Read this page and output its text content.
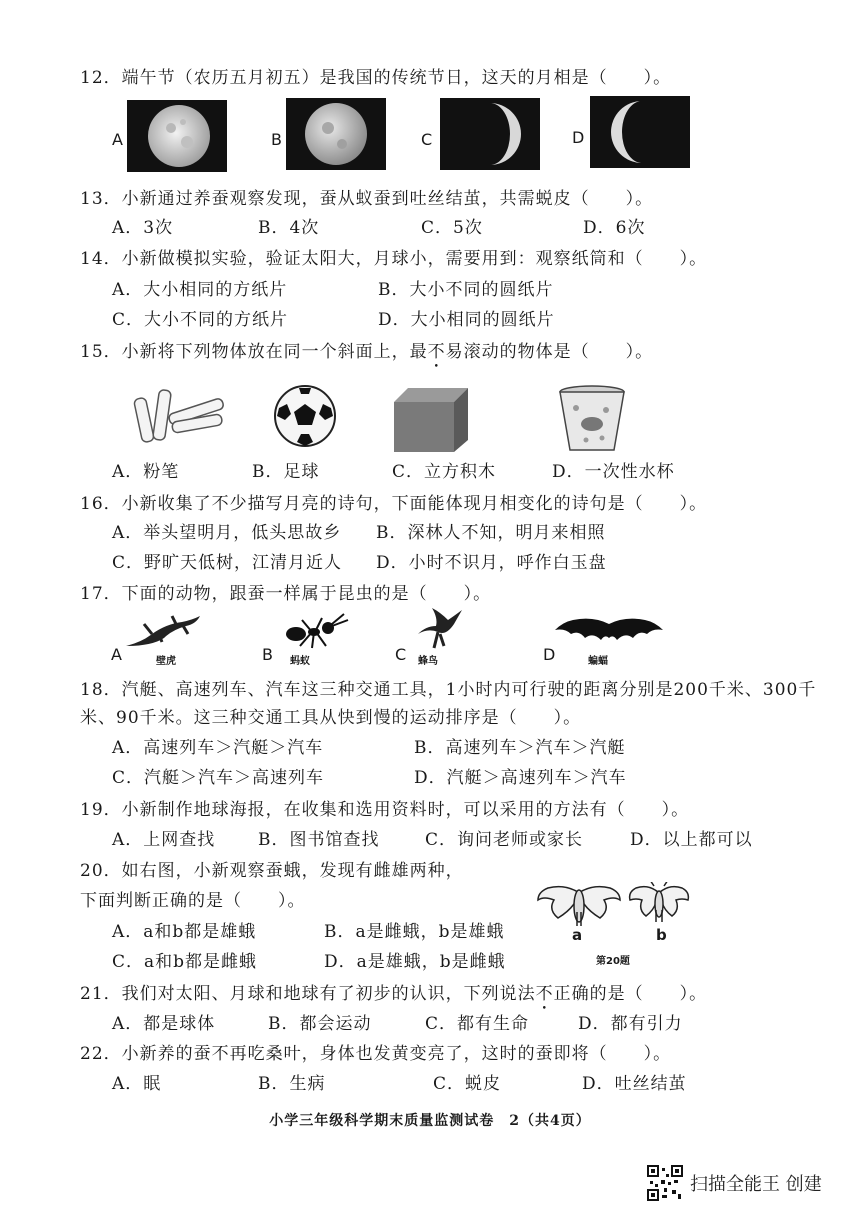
12．端午节（农历五月初五）是我国的传统节日，这天的月相是（　　）。
A	B	C	D
13．小新通过养蚕观察发现，蚕从蚁蚕到吐丝结茧，共需蜕皮（　　）。
A．3次	B．4次	C．5次	D．6次
14．小新做模拟实验，验证太阳大，月球小，需要用到：观察纸筒和（　　）。
A．大小相同的方纸片	B．大小不同的圆纸片
C．大小不同的方纸片	D．大小相同的圆纸片
15．小新将下列物体放在同一个斜面上，最不易滚动的物体是（　　）。
A．粉笔	B．足球	C．立方积木	D．一次性水杯
16．小新收集了不少描写月亮的诗句，下面能体现月相变化的诗句是（　　）。
A．举头望明月，低头思故乡 B．深林人不知，明月来相照
C．野旷天低树，江清月近人 D．小时不识月，呼作白玉盘
17．下面的动物，跟蚕一样属于昆虫的是（　　）。
A	壁虎	B 蚂蚁	C 蜂鸟	D	蝙蝠
18．汽艇、高速列车、汽车这三种交通工具，1小时内可行驶的距离分别是200千米、300千
米、90千米。这三种交通工具从快到慢的运动排序是（　　）。
A．高速列车＞汽艇＞汽车	B．高速列车＞汽车＞汽艇
C．汽艇＞汽车＞高速列车	D．汽艇＞高速列车＞汽车
19．小新制作地球海报，在收集和选用资料时，可以采用的方法有（　　）。
A．上网查找	B．图书馆查找	C．询问老师或家长	D．以上都可以
20．如右图，小新观察蚕蛾，发现有雌雄两种，
下面判断正确的是（　　）。
A．a和b都是雄蛾	B．a是雌蛾，b是雄蛾
C．a和b都是雌蛾	D．a是雄蛾，b是雌蛾
a	b
第20题
21．我们对太阳、月球和地球有了初步的认识，下列说法不正确的是（　　）。
A．都是球体	B．都会运动	C．都有生命	D．都有引力
22．小新养的蚕不再吃桑叶，身体也发黄变亮了，这时的蚕即将（　　）。
A．眠	B．生病	C．蜕皮	D．吐丝结茧
小学三年级科学期末质量监测试卷　2（共4页）
扫描全能王 创建
